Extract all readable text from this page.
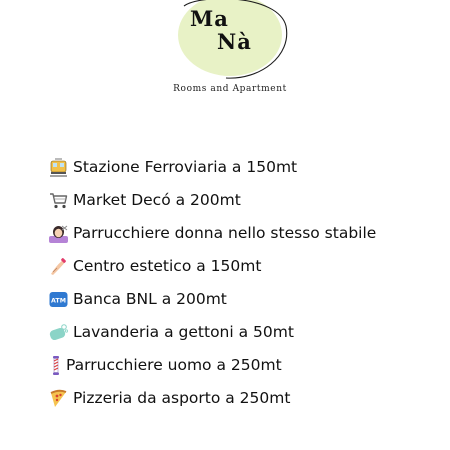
Ma
Nà
Rooms and Apartment
Stazione Ferroviaria a 150mt
Market Decó a 200mt
Parrucchiere donna nello stesso stabile
Centro estetico a 150mt
ATM Banca BNL a 200mt
Lavanderia a gettoni a 50mt
Parrucchiere uomo a 250mt
Pizzeria da asporto a 250mt
